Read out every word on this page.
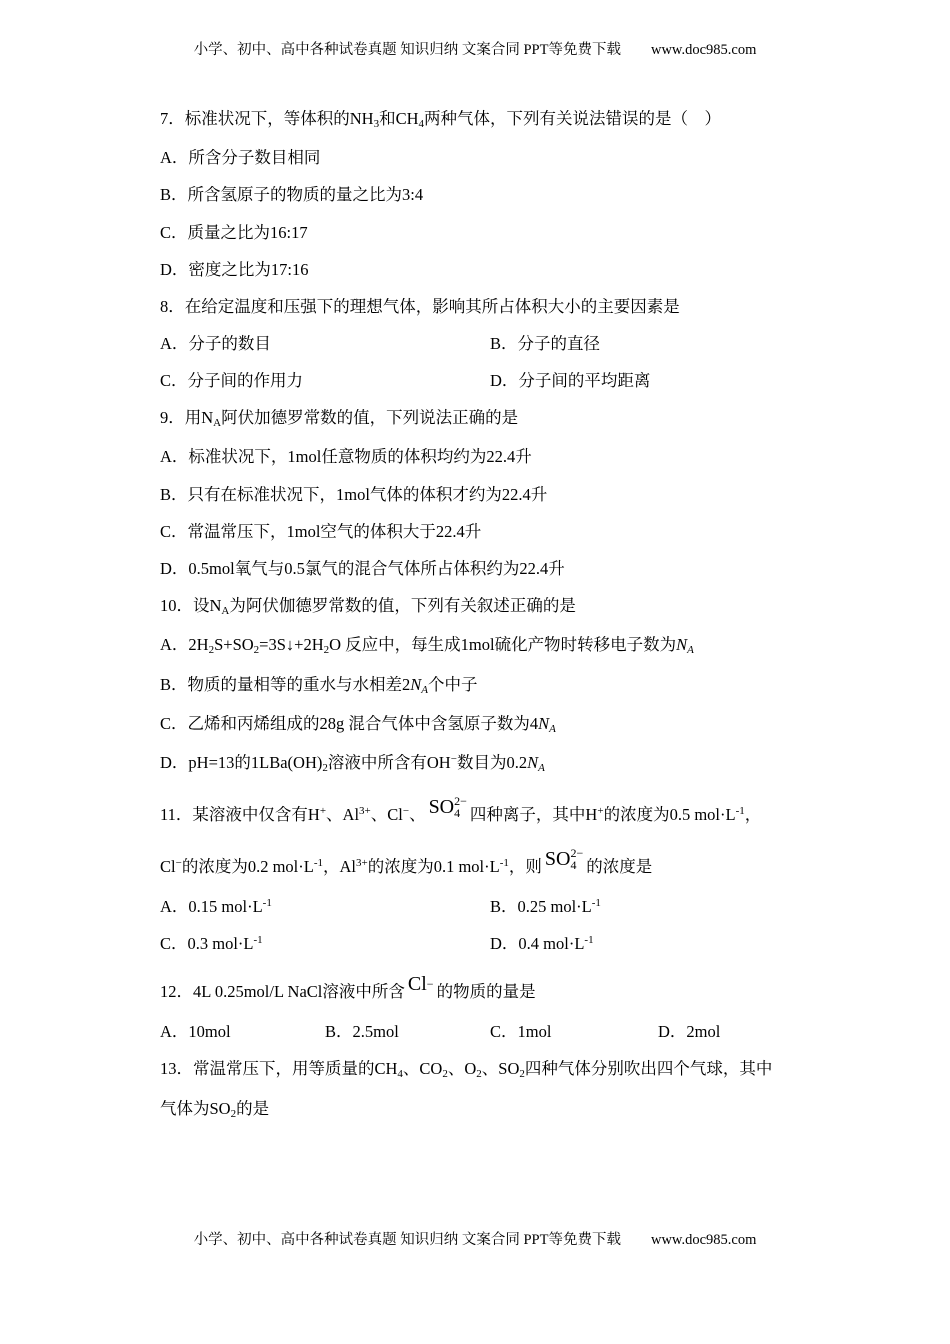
小学、初中、高中各种试卷真题 知识归纳 文案合同 PPT等免费下载 www.doc985.com
7．标准状况下，等体积的NH3和CH4两种气体，下列有关说法错误的是（　）
A．所含分子数目相同
B．所含氢原子的物质的量之比为3:4
C．质量之比为16:17
D．密度之比为17:16
8．在给定温度和压强下的理想气体，影响其所占体积大小的主要因素是
A．分子的数目	B．分子的直径
C．分子间的作用力	D．分子间的平均距离
9．用NA阿伏加德罗常数的值，下列说法正确的是
A．标准状况下，1mol任意物质的体积均约为22.4升
B．只有在标准状况下，1mol气体的体积才约为22.4升
C．常温常压下，1mol空气的体积大于22.4升
D．0.5mol氧气与0.5氯气的混合气体所占体积约为22.4升
10．设NA为阿伏伽德罗常数的值，下列有关叙述正确的是
A．2H2S+SO2=3S↓+2H2O 反应中，每生成1mol硫化产物时转移电子数为NA
B．物质的量相等的重水与水相差2NA个中子
C．乙烯和丙烯组成的28g 混合气体中含氢原子数为4NA
D．pH=13的1LBa(OH)2溶液中所含有OH−数目为0.2NA
11．某溶液中仅含有H+、$Al^{3+}$、Cl−、 SO 2−
4 四种离子，其中H+的浓度为0.5 $mol\cdot L^{-1}$，
Cl−的浓度为0.2 $mol\cdot L^{-1}$，$Al^{3+}$的浓度为0.1 $mol\cdot L^{-1}$，则 SO 2−
4 的浓度是
A．0.15 $mol\cdot L^{-1}$	B．0.25 $mol\cdot L^{-1}$
C．0.3 $mol\cdot L^{-1}$	D．0.4 $mol\cdot L^{-1}$
12．4L 0.25mol/L NaCl溶液中所含 Cl − 的物质的量是
A．10mol	B．2.5mol	C．1mol	D．2mol
13．常温常压下，用等质量的CH4、CO2、O2、SO2四种气体分别吹出四个气球，其中
气体为SO2的是
小学、初中、高中各种试卷真题 知识归纳 文案合同 PPT等免费下载 www.doc985.com
